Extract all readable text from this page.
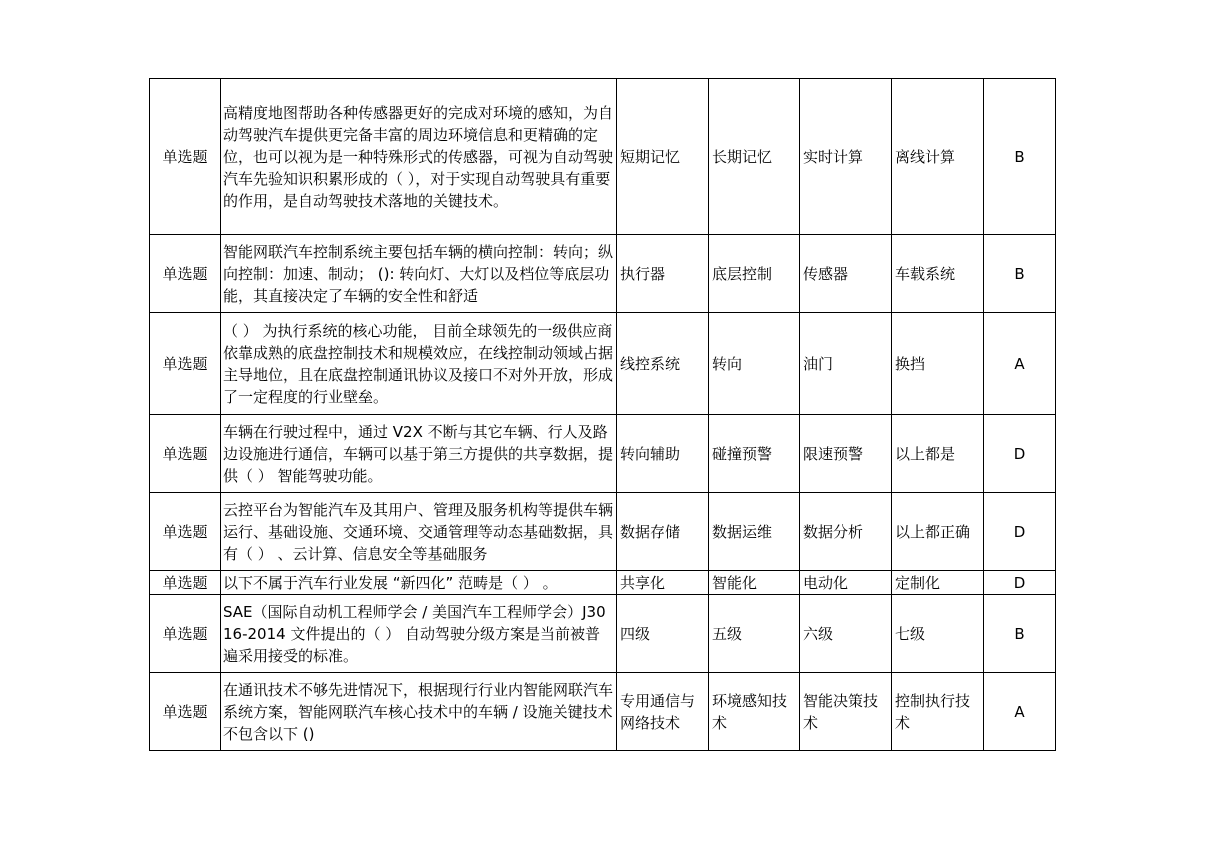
单选题	高精度地图帮助各种传感器更好的完成对环境的感知，为自动驾驶汽车提供更完备丰富的周边环境信息和更精确的定位，也可以视为是一种特殊形式的传感器，可视为自动驾驶汽车先验知识积累形成的（ ），对于实现自动驾驶具有重要的作用，是自动驾驶技术落地的关键技术。	短期记忆	长期记忆	实时计算	离线计算	B
单选题	智能网联汽车控制系统主要包括车辆的横向控制：转向；纵向控制：加速、制动； (): 转向灯、大灯以及档位等底层功能，其直接决定了车辆的安全性和舒适	执行器	底层控制	传感器	车载系统	B
单选题	（ ） 为执行系统的核心功能， 目前全球领先的一级供应商依靠成熟的底盘控制技术和规模效应，在线控制动领域占据主导地位，且在底盘控制通讯协议及接口不对外开放，形成了一定程度的行业壁垒。	线控系统	转向	油门	换挡	A
单选题	车辆在行驶过程中，通过 V2X 不断与其它车辆、行人及路边设施进行通信，车辆可以基于第三方提供的共享数据，提供（ ） 智能驾驶功能。	转向辅助	碰撞预警	限速预警	以上都是	D
单选题	云控平台为智能汽车及其用户、管理及服务机构等提供车辆运行、基础设施、交通环境、交通管理等动态基础数据，具有（ ） 、云计算、信息安全等基础服务	数据存储	数据运维	数据分析	以上都正确	D
单选题	以下不属于汽车行业发展 “新四化” 范畴是（ ） 。	共享化	智能化	电动化	定制化	D
单选题	SAE（国际自动机工程师学会 / 美国汽车工程师学会）J3016-2014 文件提出的（ ） 自动驾驶分级方案是当前被普遍采用接受的标准。	四级	五级	六级	七级	B
单选题	在通讯技术不够先进情况下，根据现行行业内智能网联汽车系统方案，智能网联汽车核心技术中的车辆 / 设施关键技术不包含以下 ()	专用通信与网络技术	环境感知技术	智能决策技术	控制执行技术	A
